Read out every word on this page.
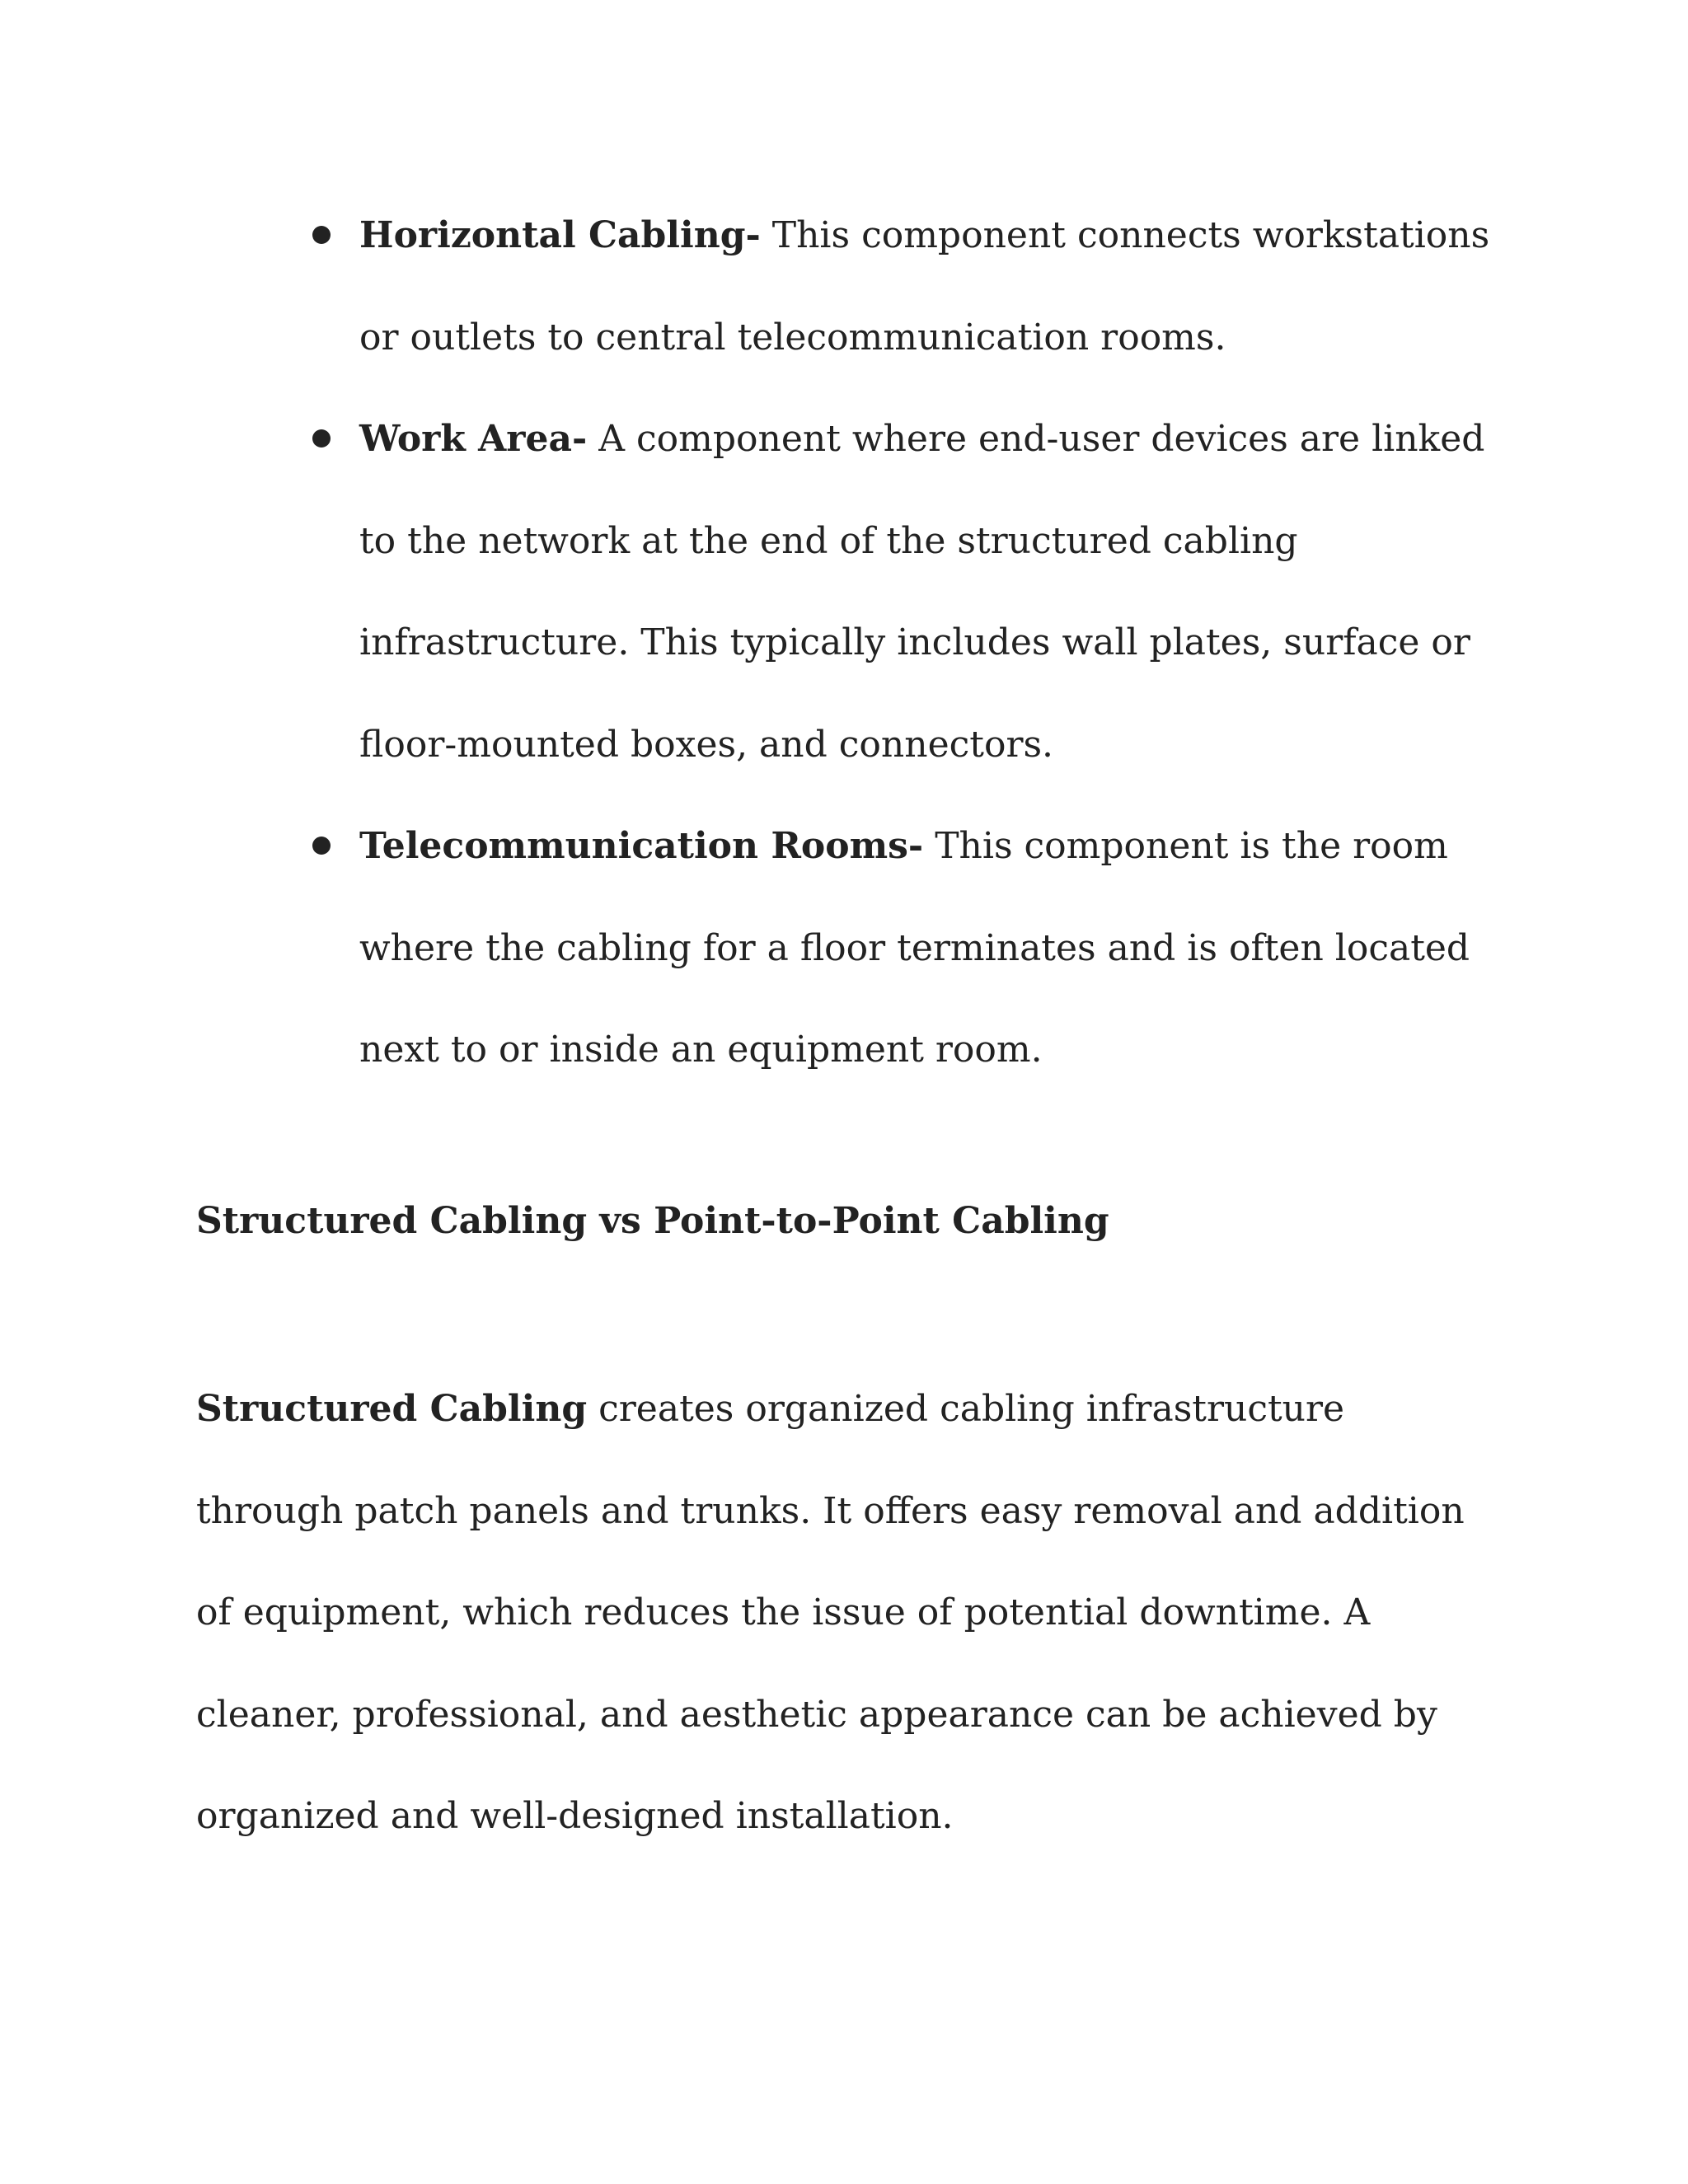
Horizontal Cabling- This component connects workstations or outlets to central telecommunication rooms.
Work Area- A component where end-user devices are linked to the network at the end of the structured cabling infrastructure. This typically includes wall plates, surface or floor-mounted boxes, and connectors.
Telecommunication Rooms- This component is the room where the cabling for a floor terminates and is often located next to or inside an equipment room.
Structured Cabling vs Point-to-Point Cabling

Structured Cabling creates organized cabling infrastructure through patch panels and trunks. It offers easy removal and addition of equipment, which reduces the issue of potential downtime. A cleaner, professional, and aesthetic appearance can be achieved by organized and well-designed installation.
